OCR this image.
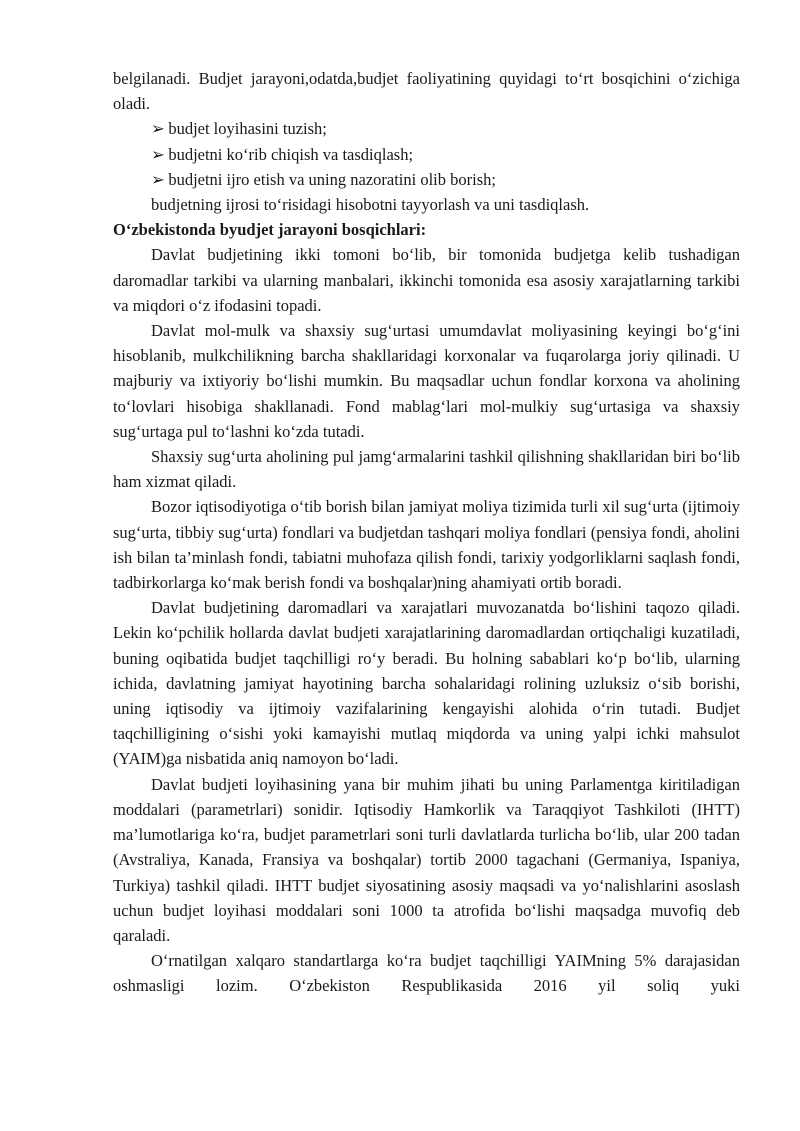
belgilanadi. Budjet jarayoni,odatda,budjet faoliyatining quyidagi to‘rt bosqichini o‘zichiga oladi.

➢ budjet loyihasini tuzish;

➢ budjetni ko‘rib chiqish va tasdiqlash;

➢ budjetni ijro etish va uning nazoratini olib borish;

budjetning ijrosi to‘risidagi hisobotni tayyorlash va uni tasdiqlash.

O‘zbekistonda byudjet jarayoni bosqichlari:

Davlat budjetining ikki tomoni bo‘lib, bir tomonida budjetga kelib tushadigan daromadlar tarkibi va ularning manbalari, ikkinchi tomonida esa asosiy xarajatlarning tarkibi va miqdori o‘z ifodasini topadi.

Davlat mol-mulk va shaxsiy sug‘urtasi umumdavlat moliyasining keyingi bo‘g‘ini hisoblanib, mulkchilikning barcha shakllaridagi korxonalar va fuqarolarga joriy qilinadi. U majburiy va ixtiyoriy bo‘lishi mumkin. Bu maqsadlar uchun fondlar korxona va aholining to‘lovlari hisobiga shakllanadi. Fond mablag‘lari mol-mulkiy sug‘urtasiga va shaxsiy sug‘urtaga pul to‘lashni ko‘zda tutadi.

Shaxsiy sug‘urta aholining pul jamg‘armalarini tashkil qilishning shakllaridan biri bo‘lib ham xizmat qiladi.

Bozor iqtisodiyotiga o‘tib borish bilan jamiyat moliya tizimida turli xil sug‘urta (ijtimoiy sug‘urta, tibbiy sug‘urta) fondlari va budjetdan tashqari moliya fondlari (pensiya fondi, aholini ish bilan ta’minlash fondi, tabiatni muhofaza qilish fondi, tarixiy yodgorliklarni saqlash fondi, tadbirkorlarga ko‘mak berish fondi va boshqalar)ning ahamiyati ortib boradi.

Davlat budjetining daromadlari va xarajatlari muvozanatda bo‘lishini taqozo qiladi. Lekin ko‘pchilik hollarda davlat budjeti xarajatlarining daromadlardan ortiqchaligi kuzatiladi, buning oqibatida budjet taqchilligi ro‘y beradi. Bu holning sabablari ko‘p bo‘lib, ularning ichida, davlatning jamiyat hayotining barcha sohalaridagi rolining uzluksiz o‘sib borishi, uning iqtisodiy va ijtimoiy vazifalarining kengayishi alohida o‘rin tutadi. Budjet taqchilligining o‘sishi yoki kamayishi mutlaq miqdorda va uning yalpi ichki mahsulot (YAIM)ga nisbatida aniq namoyon bo‘ladi.

Davlat budjeti loyihasining yana bir muhim jihati bu uning Parlamentga kiritiladigan moddalari (parametrlari) sonidir. Iqtisodiy Hamkorlik va Taraqqiyot Tashkiloti (IHTT) ma’lumotlariga ko‘ra, budjet parametrlari soni turli davlatlarda turlicha bo‘lib, ular 200 tadan (Avstraliya, Kanada, Fransiya va boshqalar) tortib 2000 tagachani (Germaniya, Ispaniya, Turkiya) tashkil qiladi. IHTT budjet siyosatining asosiy maqsadi va yo‘nalishlarini asoslash uchun budjet loyihasi moddalari soni 1000 ta atrofida bo‘lishi maqsadga muvofiq deb qaraladi.

O‘rnatilgan xalqaro standartlarga ko‘ra budjet taqchilligi YAIMning 5% darajasidan oshmasligi lozim. O‘zbekiston Respublikasida 2016 yil soliq yuki
